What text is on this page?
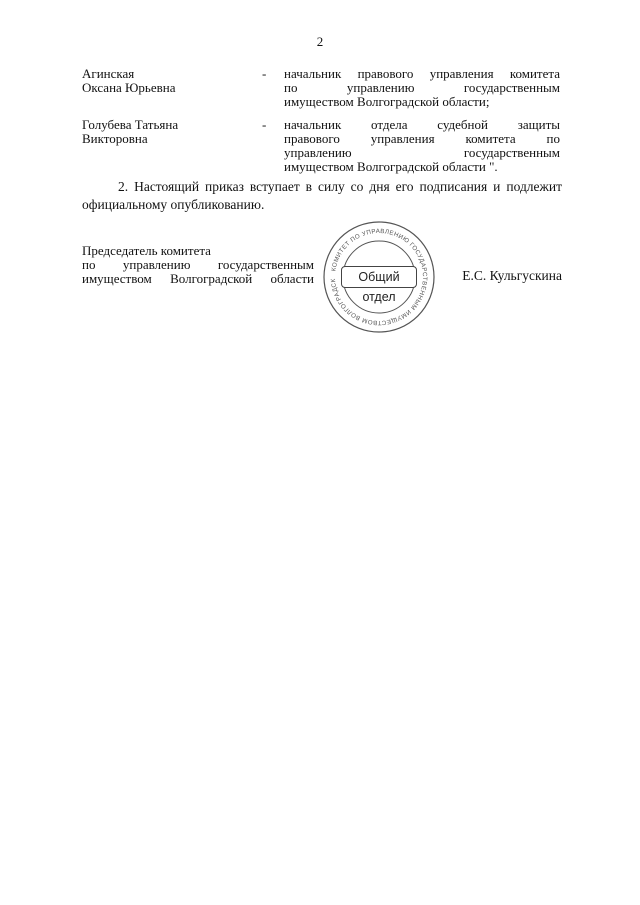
2
Агинская
Оксана Юрьевна
- начальник правового управления комитета
по управлению государственным
имуществом Волгоградской области;
Голубева Татьяна
Викторовна
- начальник отдела судебной защиты
правового управления комитета по
управлению государственным
имуществом Волгоградской области ".
2. Настоящий приказ вступает в силу со дня его подписания и подлежит официальному опубликованию.
Председатель комитета
по управлению государственным
имуществом Волгоградской области
КОМИТЕТ ПО УПРАВЛЕНИЮ ГОСУДАРСТВЕННЫМ ИМУЩЕСТВОМ ВОЛГОГРАДСК	Общий отдел
Е.С. Кульгускина
